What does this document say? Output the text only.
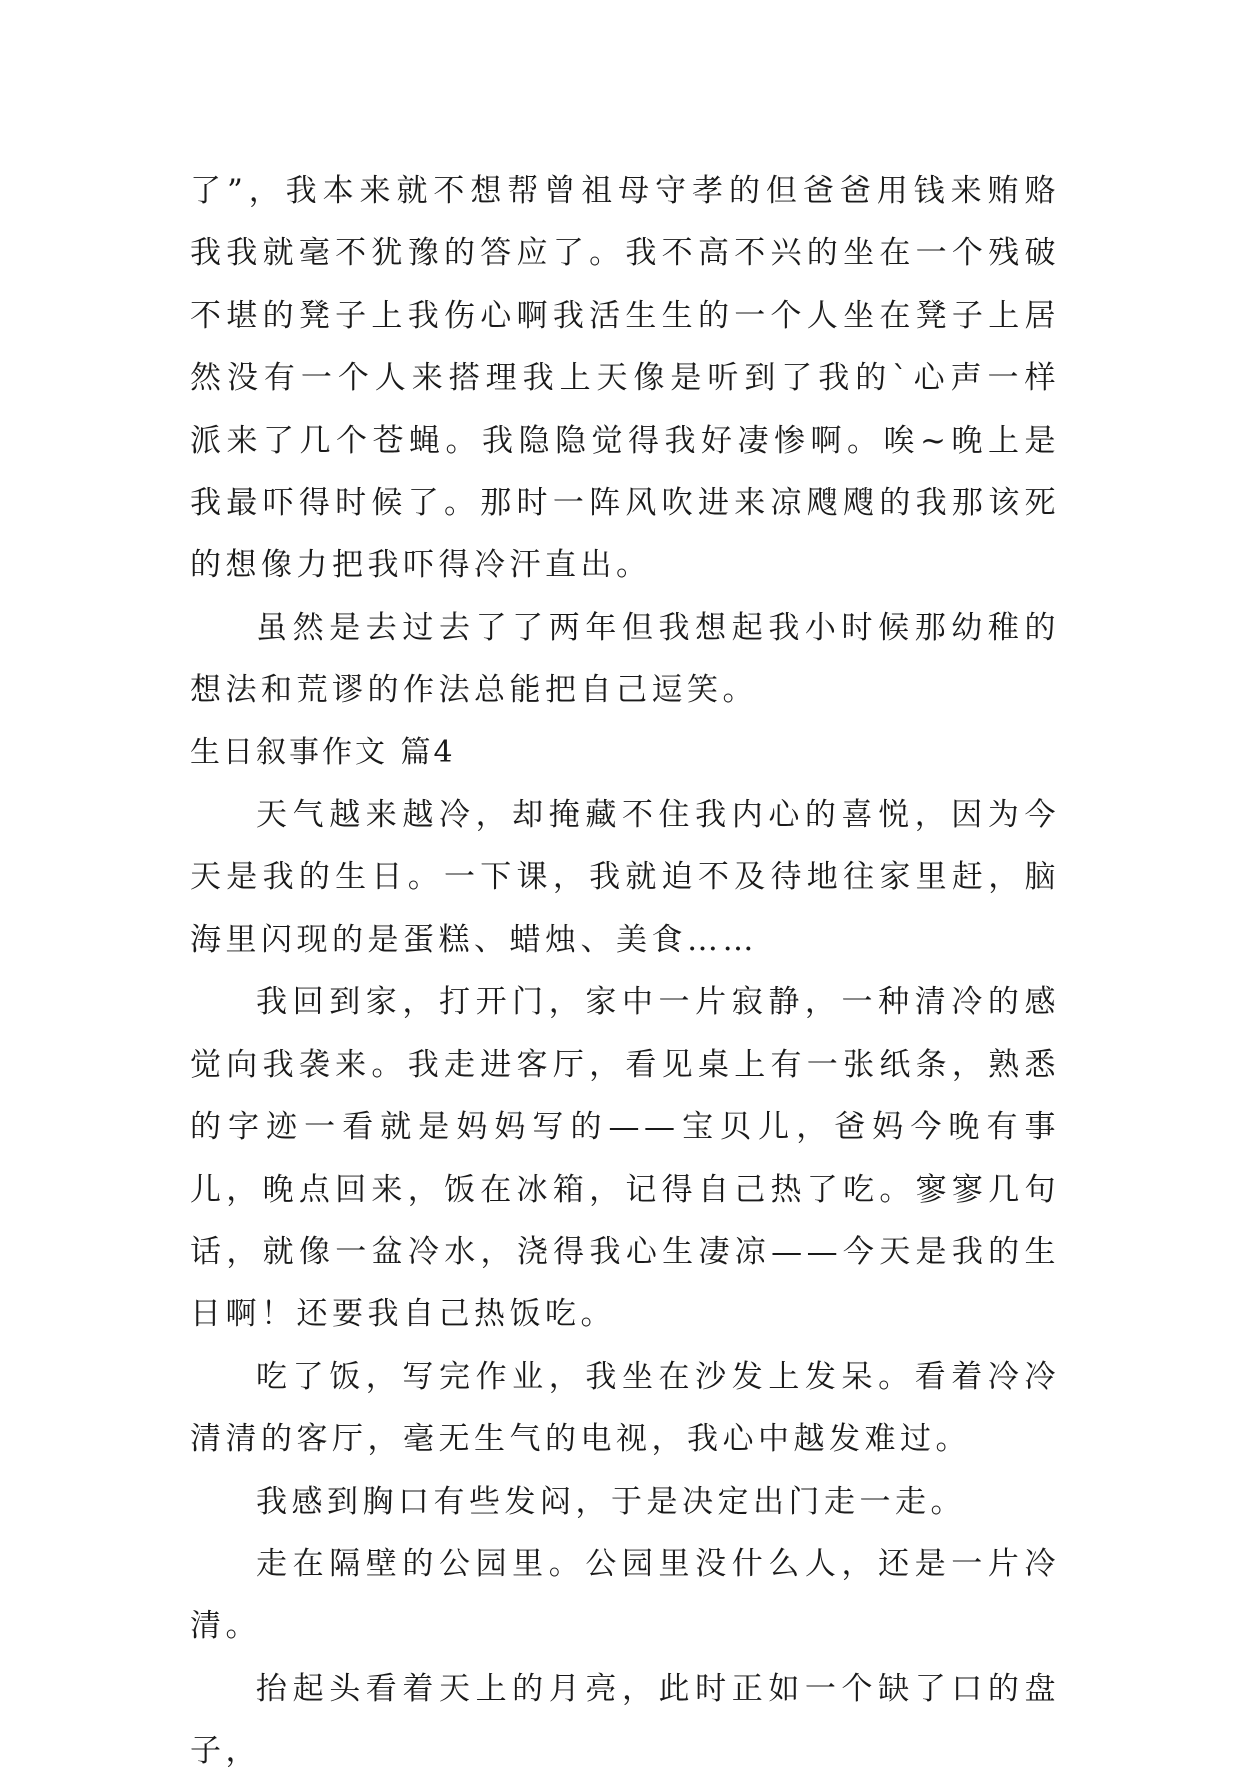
了”，我本来就不想帮曾祖母守孝的但爸爸用钱来贿赂我我就毫不犹豫的答应了。我不高不兴的坐在一个残破不堪的凳子上我伤心啊我活生生的一个人坐在凳子上居然没有一个人来搭理我上天像是听到了我的`心声一样派来了几个苍蝇。我隐隐觉得我好凄惨啊。唉~晚上是我最吓得时候了。那时一阵风吹进来凉飕飕的我那该死的想像力把我吓得冷汗直出。

虽然是去过去了了两年但我想起我小时候那幼稚的想法和荒谬的作法总能把自己逗笑。

生日叙事作文 篇4

天气越来越冷，却掩藏不住我内心的喜悦，因为今天是我的生日。一下课，我就迫不及待地往家里赶，脑海里闪现的是蛋糕、蜡烛、美食……

我回到家，打开门，家中一片寂静，一种清冷的感觉向我袭来。我走进客厅，看见桌上有一张纸条，熟悉的字迹一看就是妈妈写的——宝贝儿，爸妈今晚有事儿，晚点回来，饭在冰箱，记得自己热了吃。寥寥几句话，就像一盆冷水，浇得我心生凄凉——今天是我的生日啊！还要我自己热饭吃。

吃了饭，写完作业，我坐在沙发上发呆。看着冷冷清清的客厅，毫无生气的电视，我心中越发难过。

我感到胸口有些发闷，于是决定出门走一走。

走在隔壁的公园里。公园里没什么人，还是一片冷清。

抬起头看着天上的月亮，此时正如一个缺了口的盘子，
